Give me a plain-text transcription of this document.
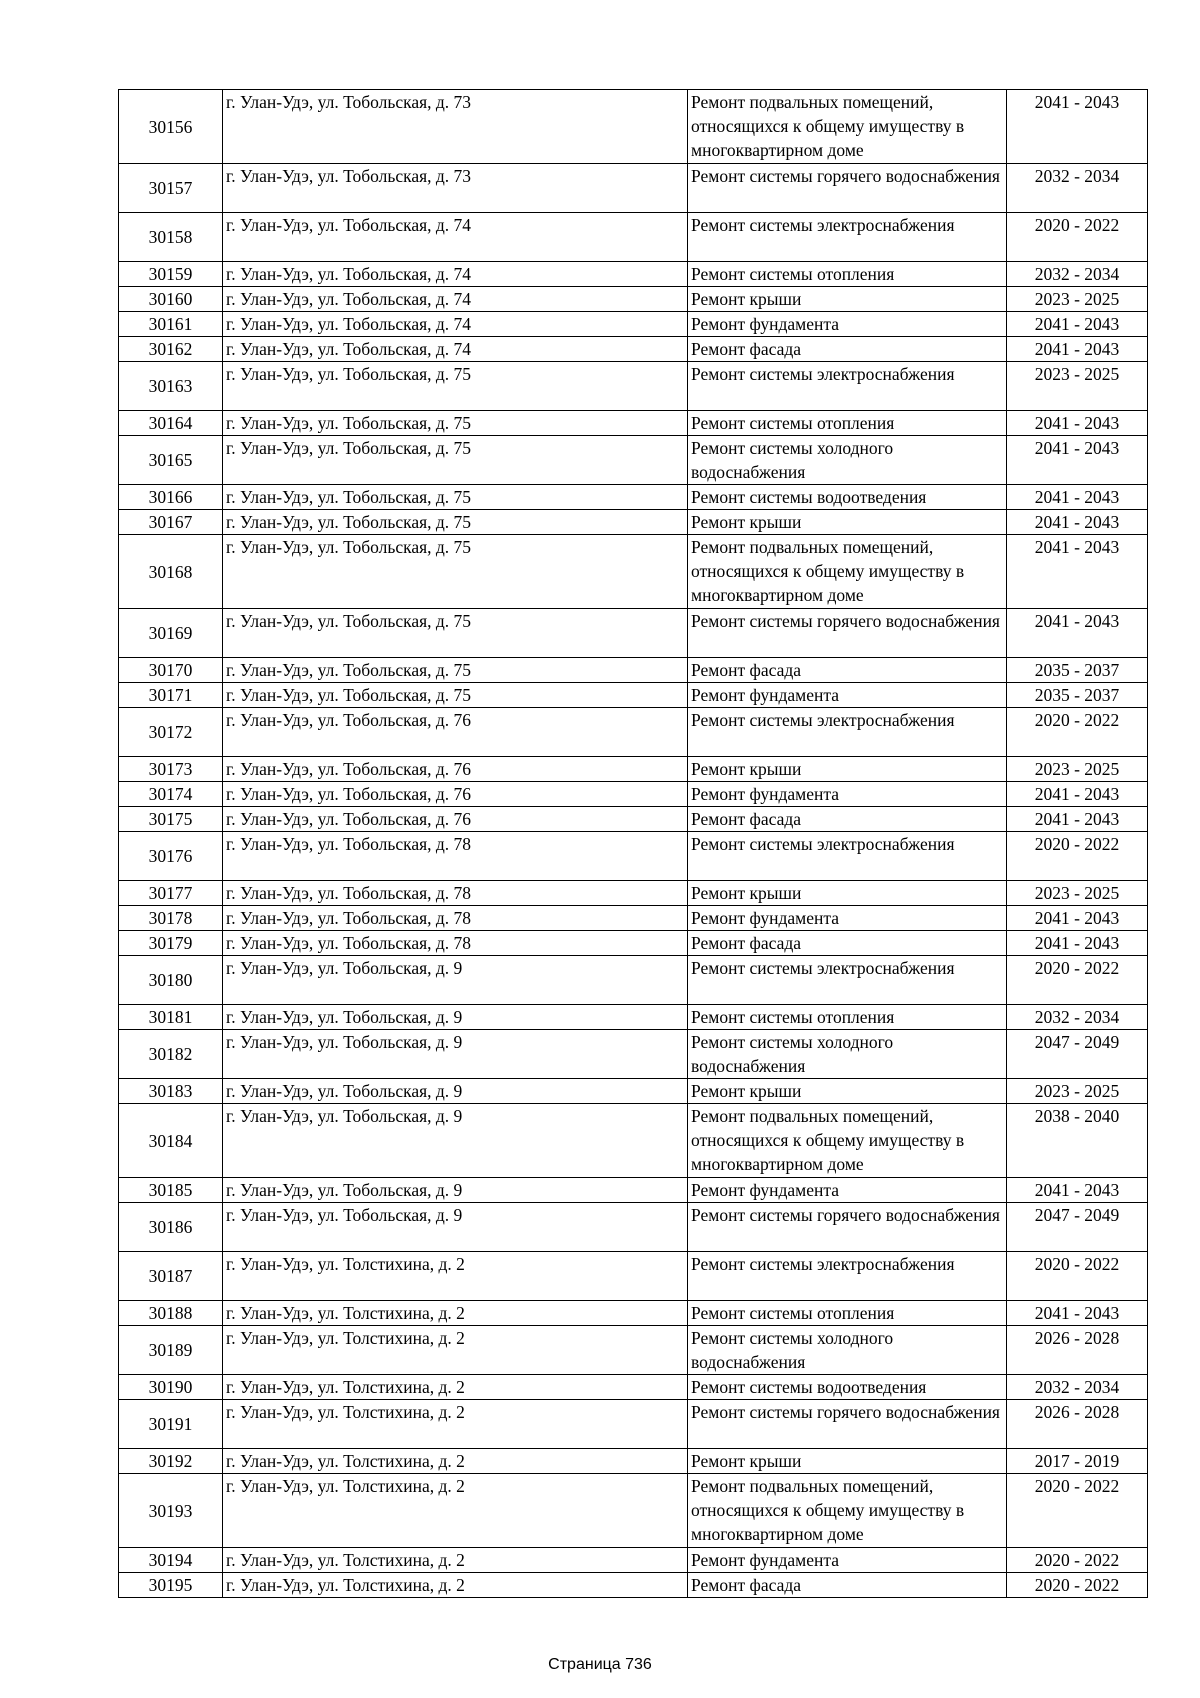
30156	г. Улан-Удэ, ул. Тобольская, д. 73	Ремонт подвальных помещений, относящихся к общему имуществу в многоквартирном доме	2041 - 2043
30157	г. Улан-Удэ, ул. Тобольская, д. 73	Ремонт системы горячего водоснабжения	2032 - 2034
30158	г. Улан-Удэ, ул. Тобольская, д. 74	Ремонт системы электроснабжения	2020 - 2022
30159	г. Улан-Удэ, ул. Тобольская, д. 74	Ремонт системы отопления	2032 - 2034
30160	г. Улан-Удэ, ул. Тобольская, д. 74	Ремонт крыши	2023 - 2025
30161	г. Улан-Удэ, ул. Тобольская, д. 74	Ремонт фундамента	2041 - 2043
30162	г. Улан-Удэ, ул. Тобольская, д. 74	Ремонт фасада	2041 - 2043
30163	г. Улан-Удэ, ул. Тобольская, д. 75	Ремонт системы электроснабжения	2023 - 2025
30164	г. Улан-Удэ, ул. Тобольская, д. 75	Ремонт системы отопления	2041 - 2043
30165	г. Улан-Удэ, ул. Тобольская, д. 75	Ремонт системы холодного водоснабжения	2041 - 2043
30166	г. Улан-Удэ, ул. Тобольская, д. 75	Ремонт системы водоотведения	2041 - 2043
30167	г. Улан-Удэ, ул. Тобольская, д. 75	Ремонт крыши	2041 - 2043
30168	г. Улан-Удэ, ул. Тобольская, д. 75	Ремонт подвальных помещений, относящихся к общему имуществу в многоквартирном доме	2041 - 2043
30169	г. Улан-Удэ, ул. Тобольская, д. 75	Ремонт системы горячего водоснабжения	2041 - 2043
30170	г. Улан-Удэ, ул. Тобольская, д. 75	Ремонт фасада	2035 - 2037
30171	г. Улан-Удэ, ул. Тобольская, д. 75	Ремонт фундамента	2035 - 2037
30172	г. Улан-Удэ, ул. Тобольская, д. 76	Ремонт системы электроснабжения	2020 - 2022
30173	г. Улан-Удэ, ул. Тобольская, д. 76	Ремонт крыши	2023 - 2025
30174	г. Улан-Удэ, ул. Тобольская, д. 76	Ремонт фундамента	2041 - 2043
30175	г. Улан-Удэ, ул. Тобольская, д. 76	Ремонт фасада	2041 - 2043
30176	г. Улан-Удэ, ул. Тобольская, д. 78	Ремонт системы электроснабжения	2020 - 2022
30177	г. Улан-Удэ, ул. Тобольская, д. 78	Ремонт крыши	2023 - 2025
30178	г. Улан-Удэ, ул. Тобольская, д. 78	Ремонт фундамента	2041 - 2043
30179	г. Улан-Удэ, ул. Тобольская, д. 78	Ремонт фасада	2041 - 2043
30180	г. Улан-Удэ, ул. Тобольская, д. 9	Ремонт системы электроснабжения	2020 - 2022
30181	г. Улан-Удэ, ул. Тобольская, д. 9	Ремонт системы отопления	2032 - 2034
30182	г. Улан-Удэ, ул. Тобольская, д. 9	Ремонт системы холодного водоснабжения	2047 - 2049
30183	г. Улан-Удэ, ул. Тобольская, д. 9	Ремонт крыши	2023 - 2025
30184	г. Улан-Удэ, ул. Тобольская, д. 9	Ремонт подвальных помещений, относящихся к общему имуществу в многоквартирном доме	2038 - 2040
30185	г. Улан-Удэ, ул. Тобольская, д. 9	Ремонт фундамента	2041 - 2043
30186	г. Улан-Удэ, ул. Тобольская, д. 9	Ремонт системы горячего водоснабжения	2047 - 2049
30187	г. Улан-Удэ, ул. Толстихина, д. 2	Ремонт системы электроснабжения	2020 - 2022
30188	г. Улан-Удэ, ул. Толстихина, д. 2	Ремонт системы отопления	2041 - 2043
30189	г. Улан-Удэ, ул. Толстихина, д. 2	Ремонт системы холодного водоснабжения	2026 - 2028
30190	г. Улан-Удэ, ул. Толстихина, д. 2	Ремонт системы водоотведения	2032 - 2034
30191	г. Улан-Удэ, ул. Толстихина, д. 2	Ремонт системы горячего водоснабжения	2026 - 2028
30192	г. Улан-Удэ, ул. Толстихина, д. 2	Ремонт крыши	2017 - 2019
30193	г. Улан-Удэ, ул. Толстихина, д. 2	Ремонт подвальных помещений, относящихся к общему имуществу в многоквартирном доме	2020 - 2022
30194	г. Улан-Удэ, ул. Толстихина, д. 2	Ремонт фундамента	2020 - 2022
30195	г. Улан-Удэ, ул. Толстихина, д. 2	Ремонт фасада	2020 - 2022
Страница 736
